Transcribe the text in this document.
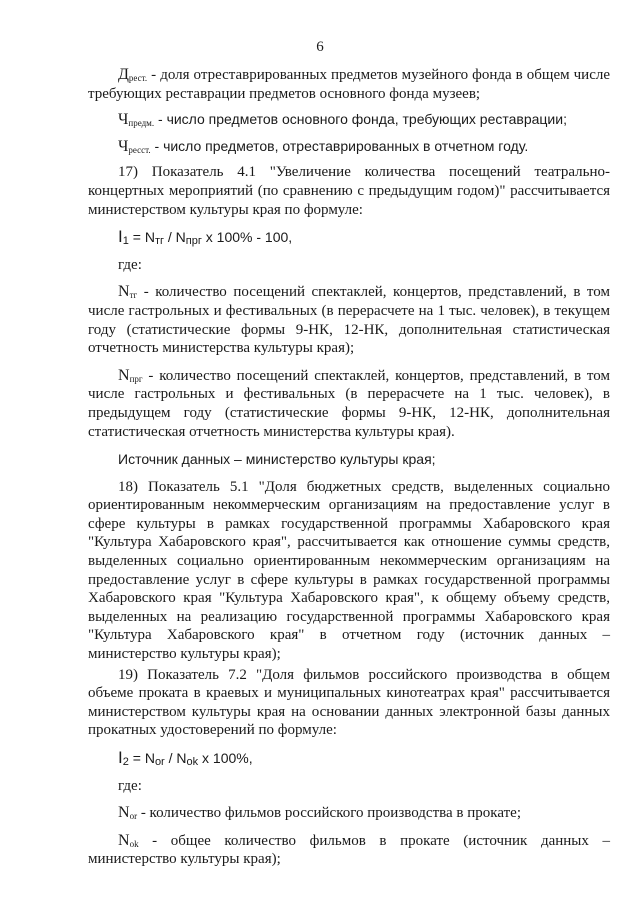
6

$Д_{рест.}$ - доля отреставрированных предметов музейного фонда в общем числе требующих реставрации предметов основного фонда музеев;

$Ч_{предм.}$ - число предметов основного фонда, требующих реставрации;

$Ч_{ресст.}$ - число предметов, отреставрированных в отчетном году.

17) Показатель 4.1 "Увеличение количества посещений театрально-концертных мероприятий (по сравнению с предыдущим годом)" рассчитывается министерством культуры края по формуле:

$I_1 = N_{тг} / N_{прг}$ x 100% - 100,

где:

$N_{тг}$ - количество посещений спектаклей, концертов, представлений, в том числе гастрольных и фестивальных (в перерасчете на 1 тыс. человек), в текущем году (статистические формы 9-НК, 12-НК, дополнительная статистическая отчетность министерства культуры края);

$N_{прг}$ - количество посещений спектаклей, концертов, представлений, в том числе гастрольных и фестивальных (в перерасчете на 1 тыс. человек), в предыдущем году (статистические формы 9-НК, 12-НК, дополнительная статистическая отчетность министерства культуры края).

Источник данных – министерство культуры края;

18) Показатель 5.1 "Доля бюджетных средств, выделенных социально ориентированным некоммерческим организациям на предоставление услуг в сфере культуры в рамках государственной программы Хабаровского края "Культура Хабаровского края", рассчитывается как отношение суммы средств, выделенных социально ориентированным некоммерческим организациям на предоставление услуг в сфере культуры в рамках государственной программы Хабаровского края "Культура Хабаровского края", к общему объему средств, выделенных на реализацию государственной программы Хабаровского края "Культура Хабаровского края" в отчетном году (источник данных – министерство культуры края);

19) Показатель 7.2 "Доля фильмов российского производства в общем объеме проката в краевых и муниципальных кинотеатрах края" рассчитывается министерством культуры края на основании данных электронной базы данных прокатных удостоверений по формуле:

$I_2 = N_{or} / N_{ok}$ x 100%,

где:

$N_{or}$ - количество фильмов российского производства в прокате;

$N_{ok}$ - общее количество фильмов в прокате (источник данных – министерство культуры края);
